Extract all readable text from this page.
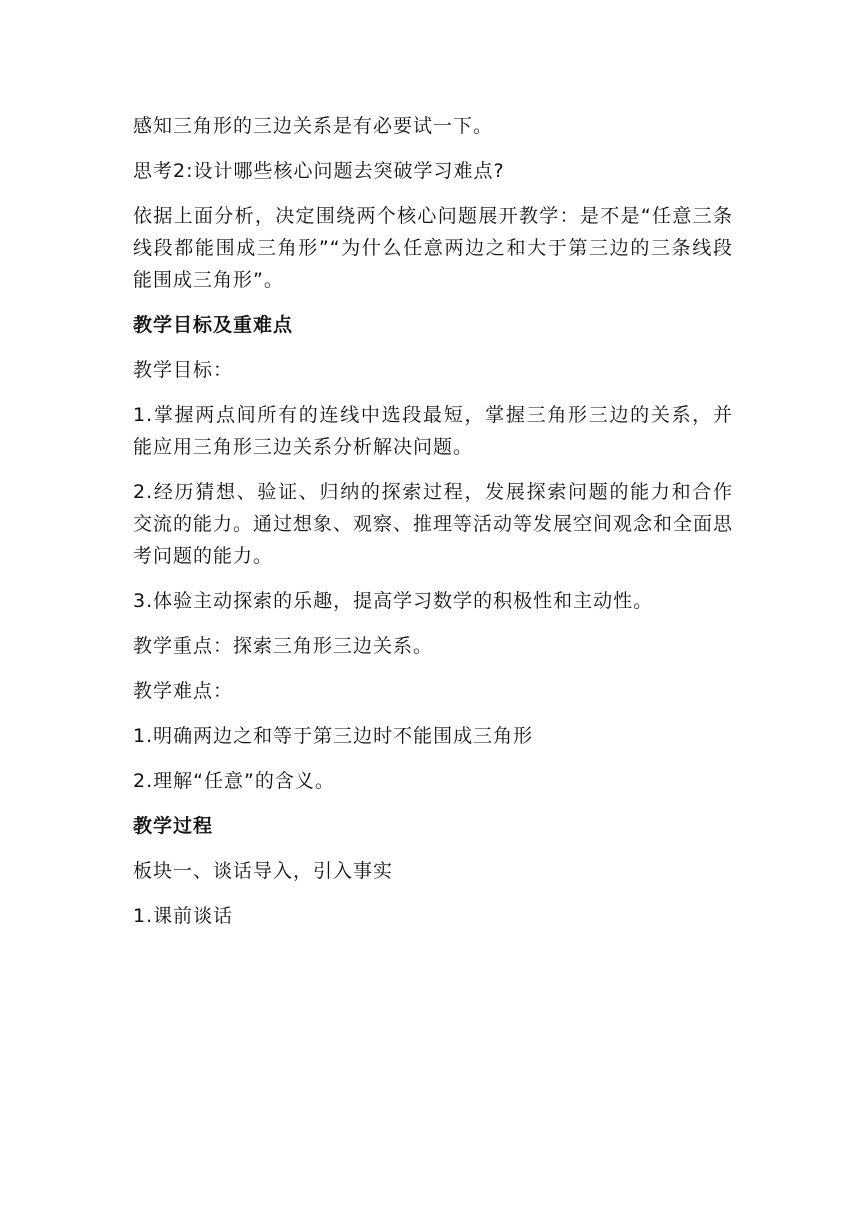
感知三角形的三边关系是有必要试一下。

思考2:设计哪些核心问题去突破学习难点?

依据上面分析，决定围绕两个核心问题展开教学：是不是“任意三条线段都能围成三角形”“为什么任意两边之和大于第三边的三条线段能围成三角形”。

教学目标及重难点

教学目标：

1.掌握两点间所有的连线中选段最短，掌握三角形三边的关系，并能应用三角形三边关系分析解决问题。

2.经历猜想、验证、归纳的探索过程，发展探索问题的能力和合作交流的能力。通过想象、观察、推理等活动等发展空间观念和全面思考问题的能力。

3.体验主动探索的乐趣，提高学习数学的积极性和主动性。

教学重点：探索三角形三边关系。

教学难点：

1.明确两边之和等于第三边时不能围成三角形

2.理解“任意”的含义。

教学过程

板块一、谈话导入，引入事实

1.课前谈话
